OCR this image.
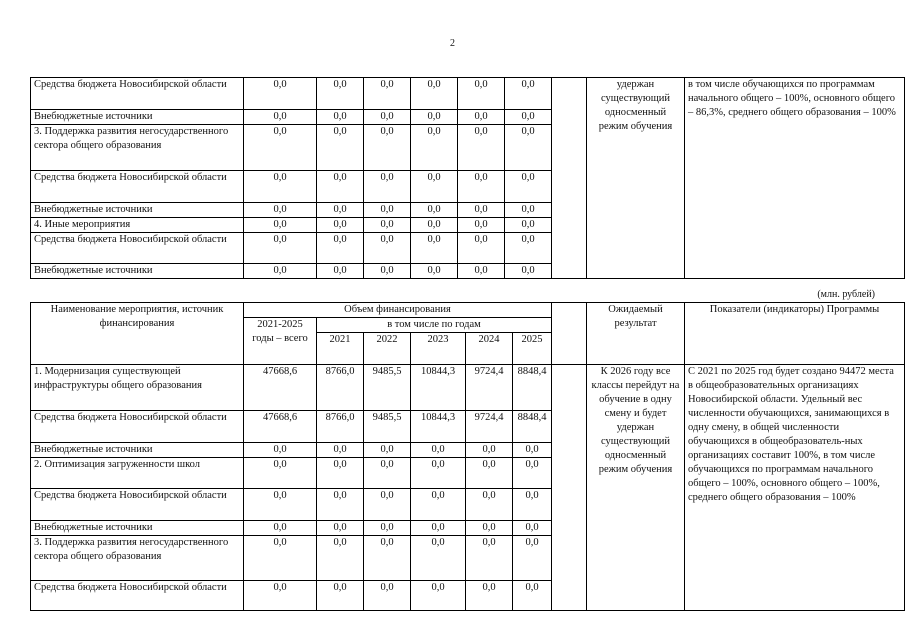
2
Средства бюджета Новосибирской области	0,0	0,0	0,0	0,0	0,0	0,0		удержан существующий односменный режим обучения	в том числе обучающихся по программам начального общего – 100%, основного общего – 86,3%, среднего общего образования – 100%
Внебюджетные источники	0,0	0,0	0,0	0,0	0,0	0,0			
3. Поддержка развития негосударственного сектора общего образования	0,0	0,0	0,0	0,0	0,0	0,0			
Средства бюджета Новосибирской области	0,0	0,0	0,0	0,0	0,0	0,0			
Внебюджетные источники	0,0	0,0	0,0	0,0	0,0	0,0			
4. Иные мероприятия	0,0	0,0	0,0	0,0	0,0	0,0			
Средства бюджета Новосибирской области	0,0	0,0	0,0	0,0	0,0	0,0			
Внебюджетные источники	0,0	0,0	0,0	0,0	0,0	0,0			
(млн. рублей)
Наименование мероприятия, источник финансирования	Объем финансирования							Ожидаемый результат	Показатели (индикаторы) Программы
	2021-2025 годы – всего	в том числе по годам							
		2021	2022	2023	2024	2025			
1. Модернизация существующей инфраструктуры общего образования	47668,6	8766,0	9485,5	10844,3	9724,4	8848,4		К 2026 году все классы перейдут на обучение в одну смену и будет удержан существующий односменный режим обучения	С 2021 по 2025 год будет создано 94472 места в общеобразовательных организациях Новосибирской области. Удельный вес численности обучающихся, занимающихся в одну смену, в общей численности обучающихся в общеобразователь-ных организациях составит 100%, в том числе обучающихся по программам начального общего – 100%, основного общего – 100%, среднего общего образования – 100%
Средства бюджета Новосибирской области	47668,6	8766,0	9485,5	10844,3	9724,4	8848,4			
Внебюджетные источники	0,0	0,0	0,0	0,0	0,0	0,0			
2. Оптимизация загруженности школ	0,0	0,0	0,0	0,0	0,0	0,0			
Средства бюджета Новосибирской области	0,0	0,0	0,0	0,0	0,0	0,0			
Внебюджетные источники	0,0	0,0	0,0	0,0	0,0	0,0			
3. Поддержка развития негосударственного сектора общего образования	0,0	0,0	0,0	0,0	0,0	0,0			
Средства бюджета Новосибирской области	0,0	0,0	0,0	0,0	0,0	0,0			
